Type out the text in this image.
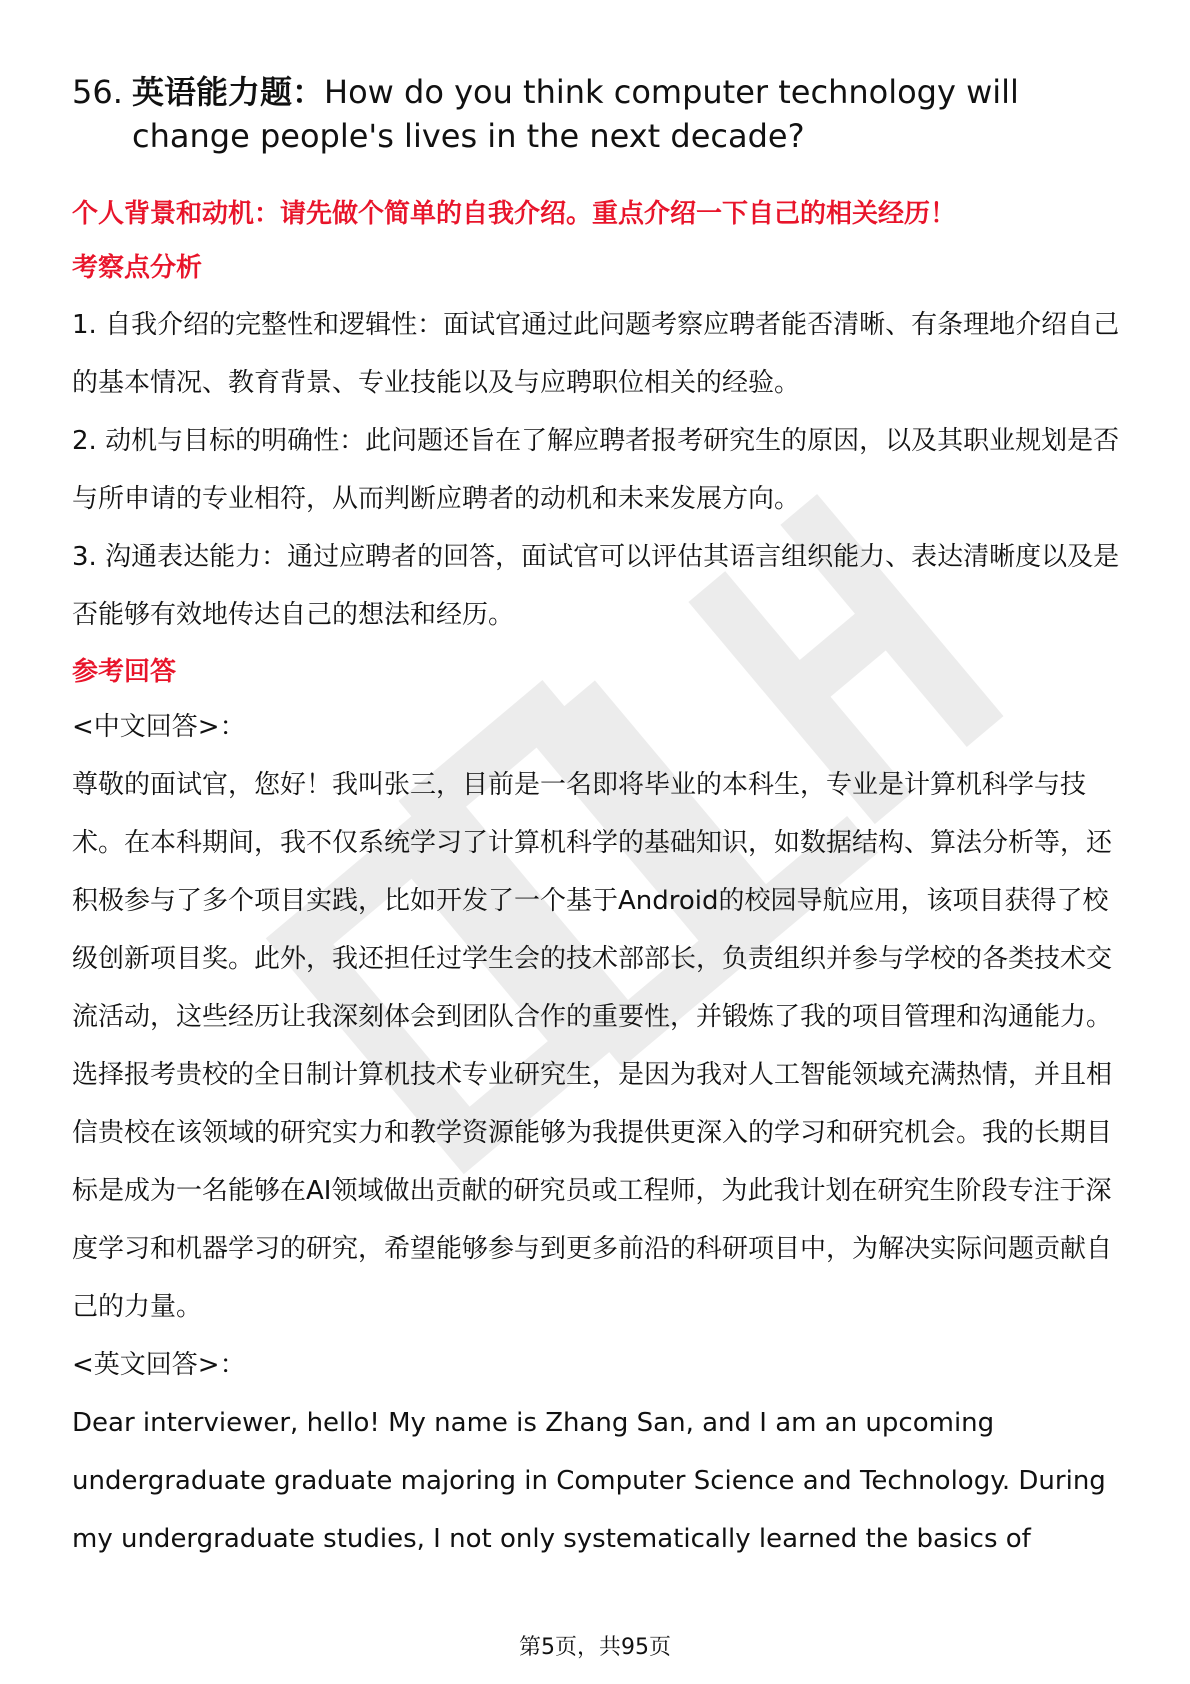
56. 英语能力题：How do you think computer technology will change people's lives in the next decade?
个人背景和动机：请先做个简单的自我介绍。重点介绍一下自己的相关经历！
考察点分析

1. 自我介绍的完整性和逻辑性：面试官通过此问题考察应聘者能否清晰、有条理地介绍自己的基本情况、教育背景、专业技能以及与应聘职位相关的经验。

2. 动机与目标的明确性：此问题还旨在了解应聘者报考研究生的原因，以及其职业规划是否与所申请的专业相符，从而判断应聘者的动机和未来发展方向。

3. 沟通表达能力：通过应聘者的回答，面试官可以评估其语言组织能力、表达清晰度以及是否能够有效地传达自己的想法和经历。

参考回答
<中文回答>：

尊敬的面试官，您好！我叫张三，目前是一名即将毕业的本科生，专业是计算机科学与技术。在本科期间，我不仅系统学习了计算机科学的基础知识，如数据结构、算法分析等，还积极参与了多个项目实践，比如开发了一个基于Android的校园导航应用，该项目获得了校级创新项目奖。此外，我还担任过学生会的技术部部长，负责组织并参与学校的各类技术交流活动，这些经历让我深刻体会到团队合作的重要性，并锻炼了我的项目管理和沟通能力。

选择报考贵校的全日制计算机技术专业研究生，是因为我对人工智能领域充满热情，并且相信贵校在该领域的研究实力和教学资源能够为我提供更深入的学习和研究机会。我的长期目标是成为一名能够在AI领域做出贡献的研究员或工程师，为此我计划在研究生阶段专注于深度学习和机器学习的研究，希望能够参与到更多前沿的科研项目中，为解决实际问题贡献自己的力量。

<英文回答>：

Dear interviewer, hello! My name is Zhang San, and I am an upcoming undergraduate graduate majoring in Computer Science and Technology. During my undergraduate studies, I not only systematically learned the basics of

第5页，共95页
